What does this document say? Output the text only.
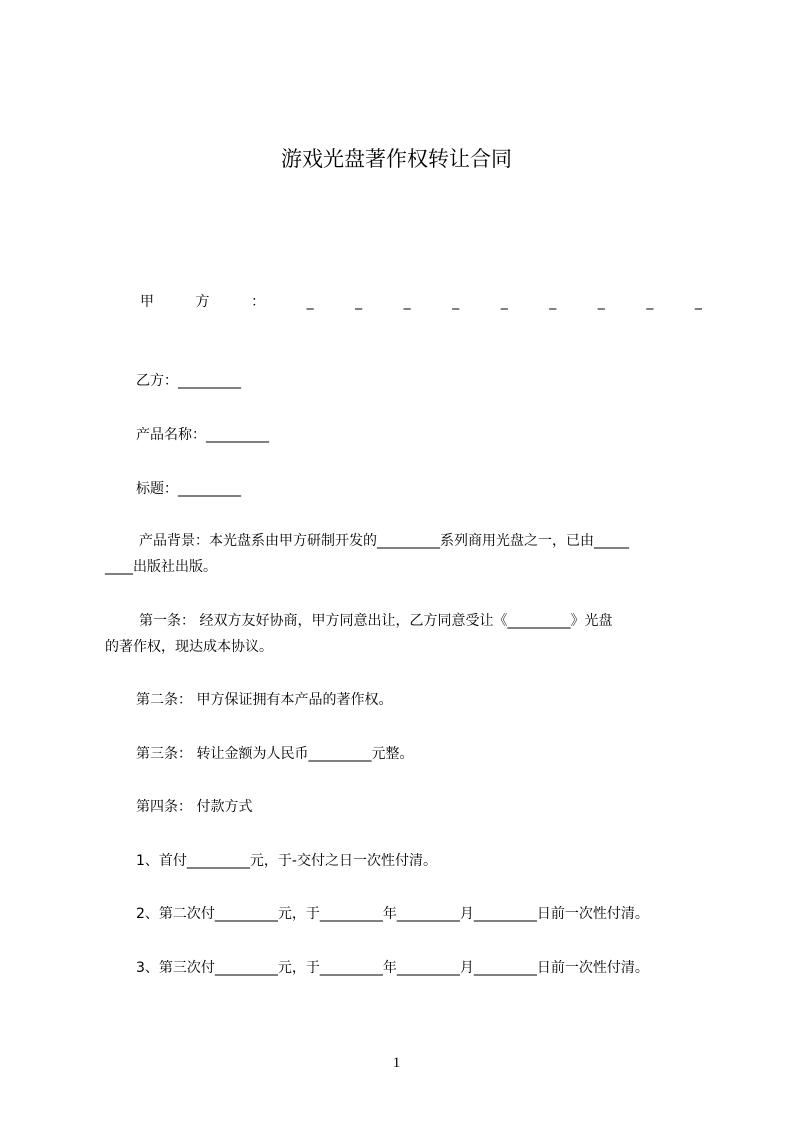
游戏光盘著作权转让合同
甲	方	：	_	_	_	_	_	_	_	_	_
乙方：_________
产品名称：_________
标题：_________
产品背景：本光盘系由甲方研制开发的_________系列商用光盘之一，已由_____
____出版社出版。
第一条： 经双方友好协商，甲方同意出让，乙方同意受让《_________》光盘
的著作权，现达成本协议。
第二条： 甲方保证拥有本产品的著作权。
第三条： 转让金额为人民币_________元整。
第四条： 付款方式
1、首付_________元，于-交付之日一次性付清。
2、第二次付_________元，于_________年_________月_________日前一次性付清。
3、第三次付_________元，于_________年_________月_________日前一次性付清。
1
